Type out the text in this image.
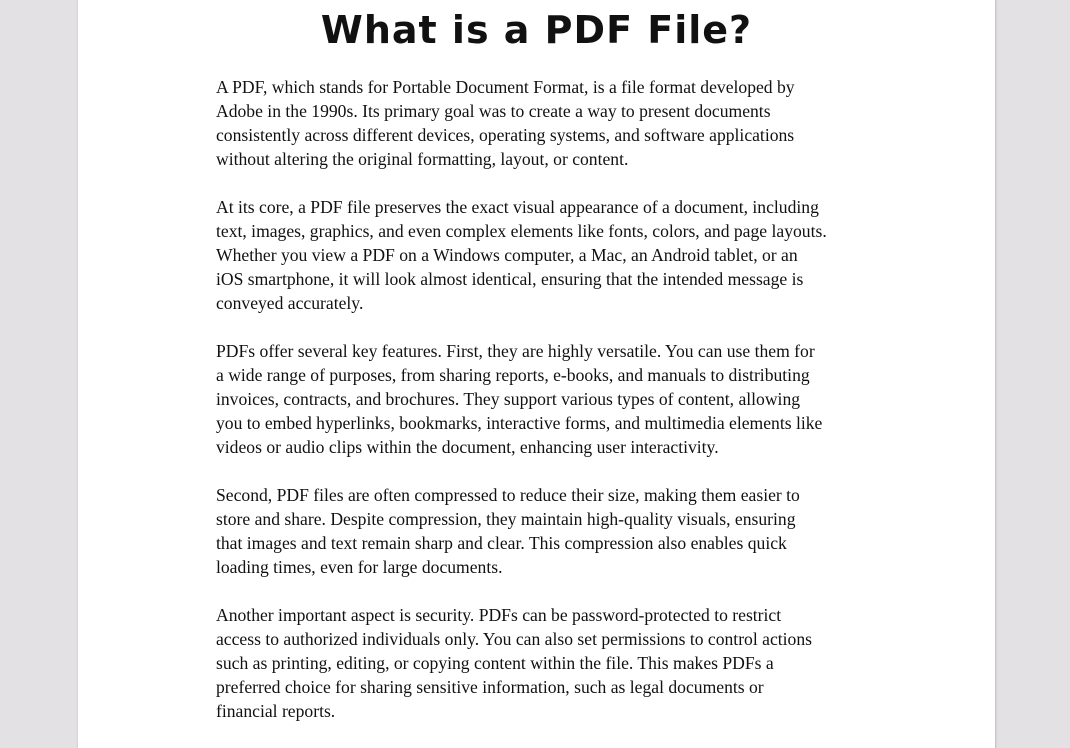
What is a PDF File?
A PDF, which stands for Portable Document Format, is a file format developed by
Adobe in the 1990s. Its primary goal was to create a way to present documents
consistently across different devices, operating systems, and software applications
without altering the original formatting, layout, or content.
At its core, a PDF file preserves the exact visual appearance of a document, including
text, images, graphics, and even complex elements like fonts, colors, and page layouts.
Whether you view a PDF on a Windows computer, a Mac, an Android tablet, or an
iOS smartphone, it will look almost identical, ensuring that the intended message is
conveyed accurately.
PDFs offer several key features. First, they are highly versatile. You can use them for
a wide range of purposes, from sharing reports, e-books, and manuals to distributing
invoices, contracts, and brochures. They support various types of content, allowing
you to embed hyperlinks, bookmarks, interactive forms, and multimedia elements like
videos or audio clips within the document, enhancing user interactivity.
Second, PDF files are often compressed to reduce their size, making them easier to
store and share. Despite compression, they maintain high-quality visuals, ensuring
that images and text remain sharp and clear. This compression also enables quick
loading times, even for large documents.
Another important aspect is security. PDFs can be password-protected to restrict
access to authorized individuals only. You can also set permissions to control actions
such as printing, editing, or copying content within the file. This makes PDFs a
preferred choice for sharing sensitive information, such as legal documents or
financial reports.
